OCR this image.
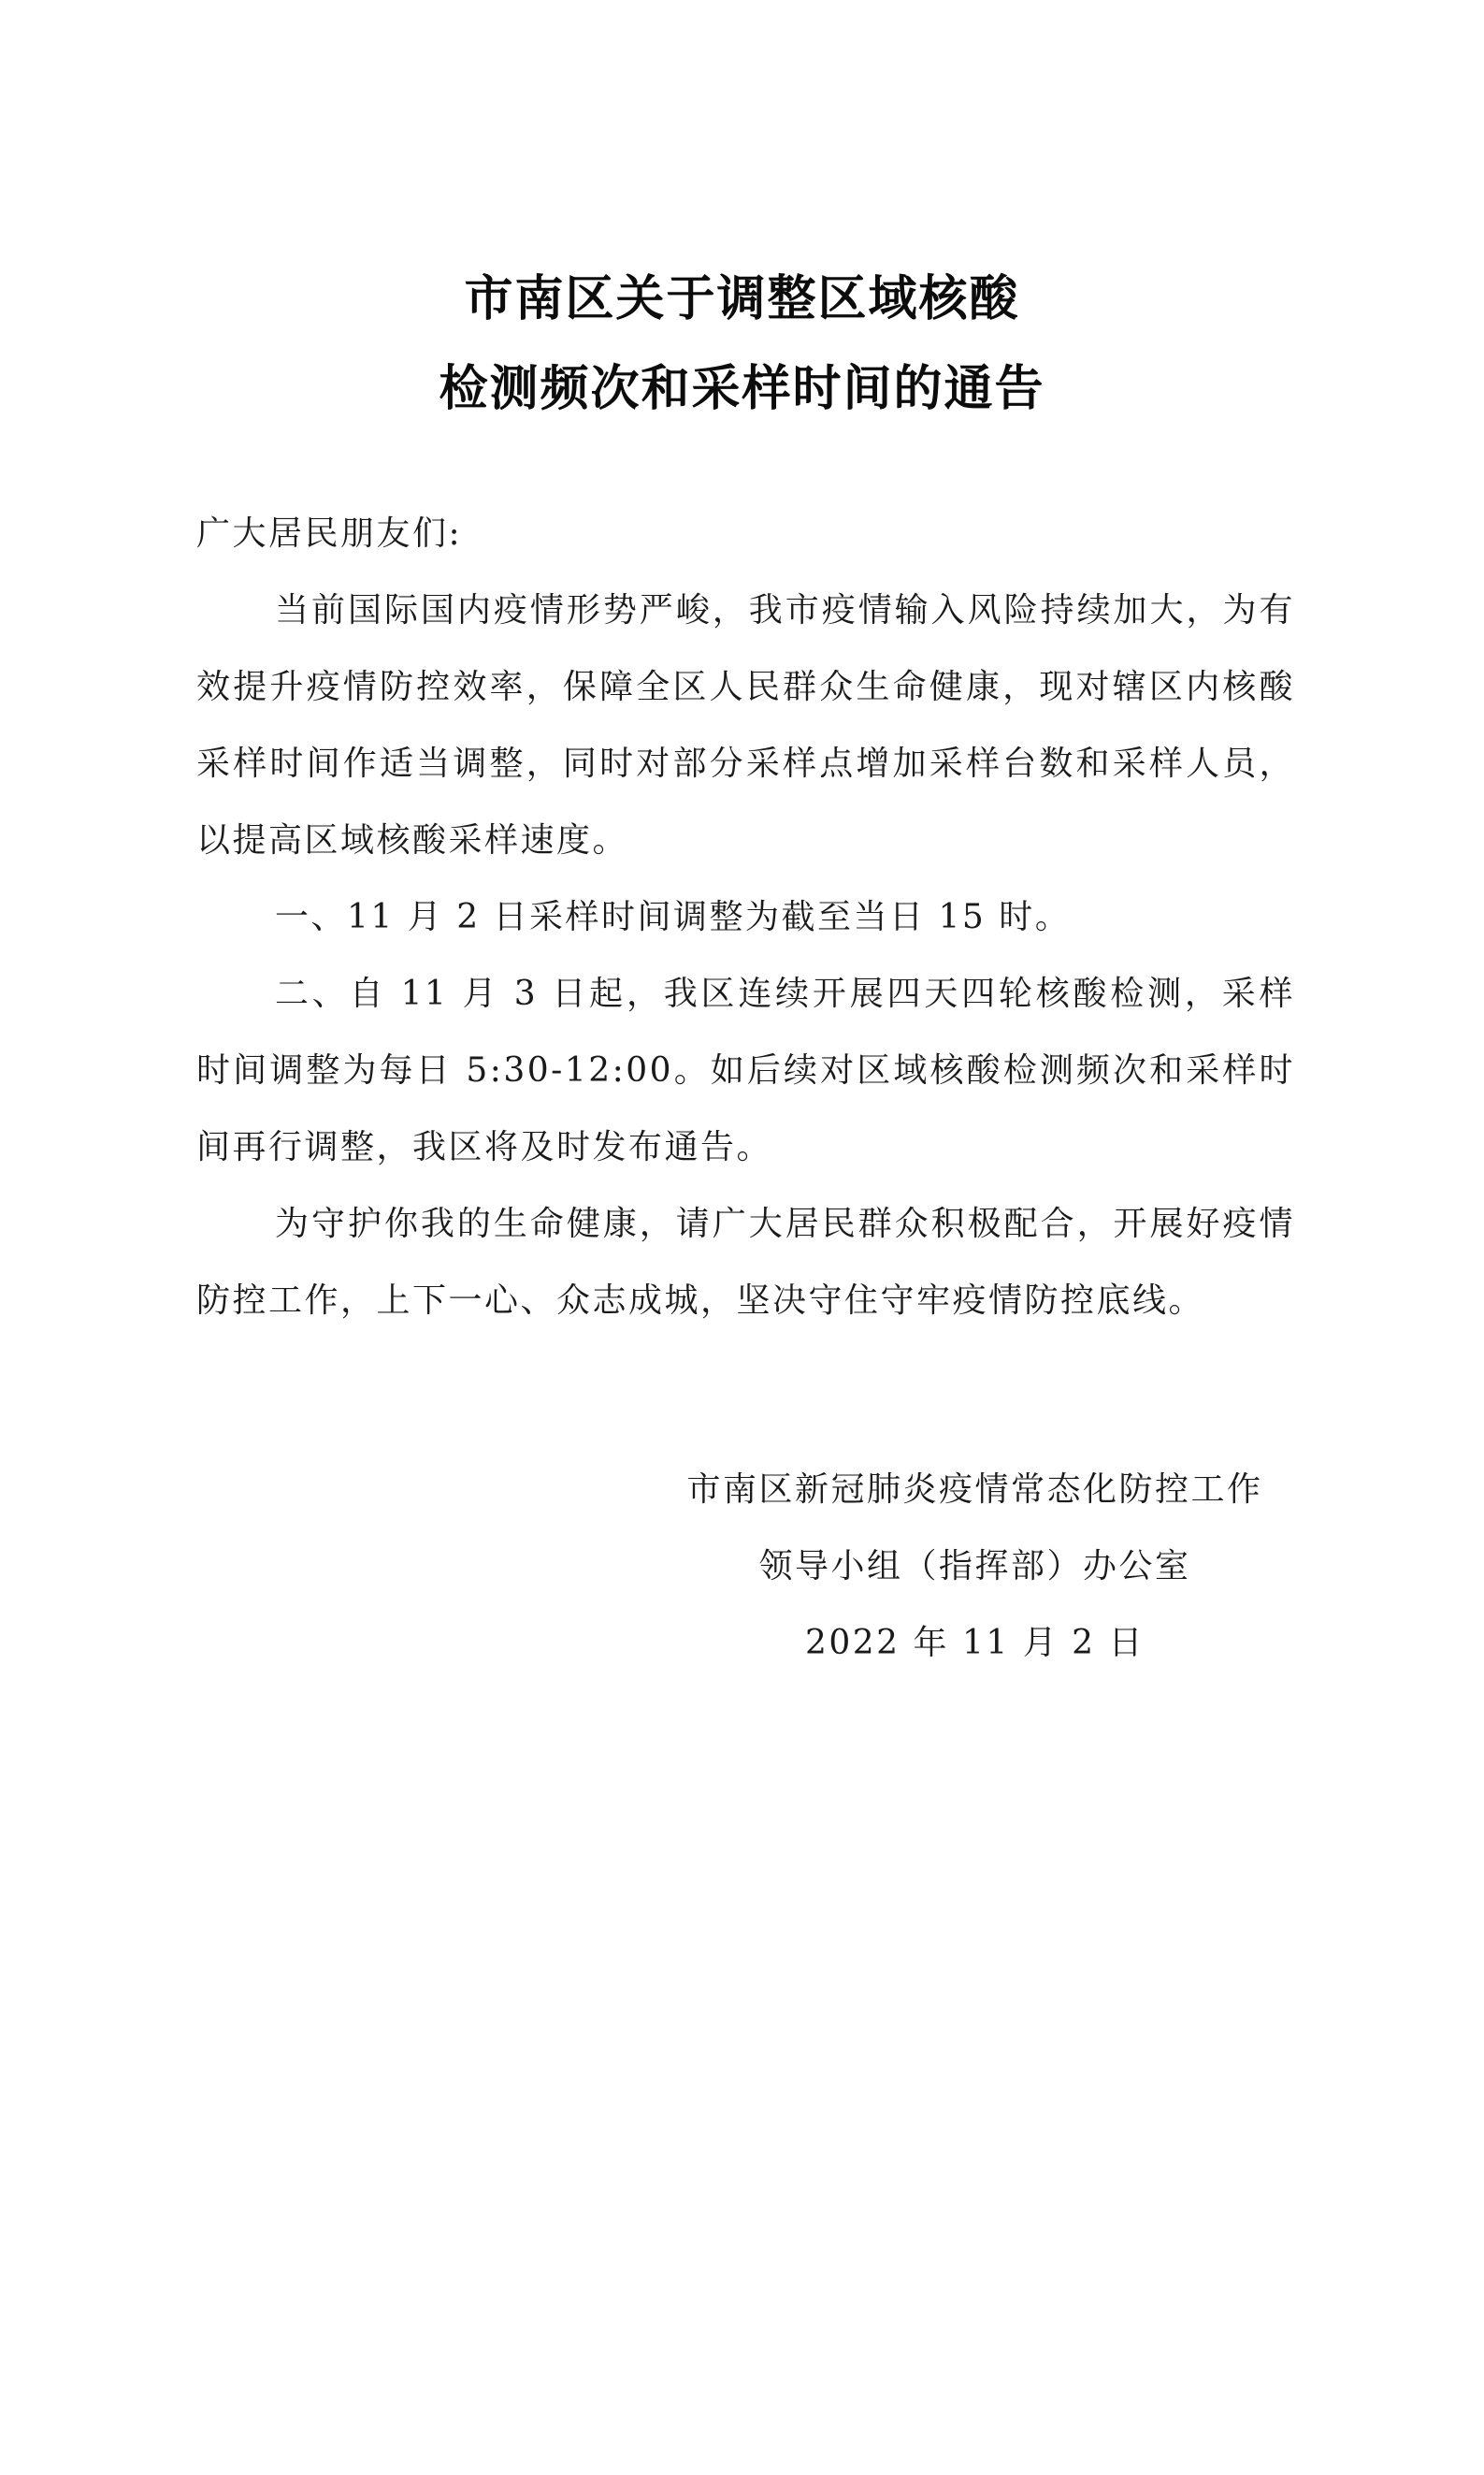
市南区关于调整区域核酸
检测频次和采样时间的通告
广大居民朋友们:
当前国际国内疫情形势严峻，我市疫情输入风险持续加大，为有效提升疫情防控效率，保障全区人民群众生命健康，现对辖区内核酸采样时间作适当调整，同时对部分采样点增加采样台数和采样人员，以提高区域核酸采样速度。
一、11 月 2 日采样时间调整为截至当日 15 时。
二、自 11 月 3 日起，我区连续开展四天四轮核酸检测，采样时间调整为每日 5:30-12:00。如后续对区域核酸检测频次和采样时间再行调整，我区将及时发布通告。
为守护你我的生命健康，请广大居民群众积极配合，开展好疫情防控工作，上下一心、众志成城，坚决守住守牢疫情防控底线。
市南区新冠肺炎疫情常态化防控工作
领导小组（指挥部）办公室
2022 年 11 月 2 日
